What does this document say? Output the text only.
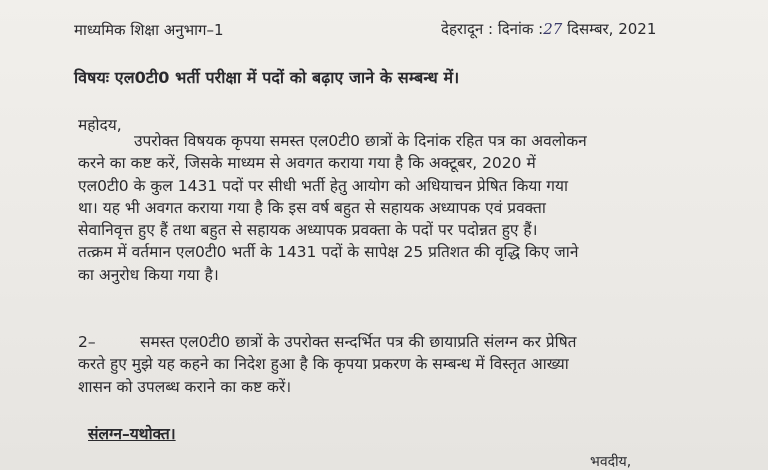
माध्यमिक शिक्षा अनुभाग–1	देहरादून : दिनांक :27 दिसम्बर, 2021
विषयः एल0टी0 भर्ती परीक्षा में पदों को बढ़ाए जाने के सम्बन्ध में।
महोदय,
उपरोक्त विषयक कृपया समस्त एल0टी0 छात्रों के दिनांक रहित पत्र का अवलोकन
करने का कष्ट करें, जिसके माध्यम से अवगत कराया गया है कि अक्टूबर, 2020 में
एल0टी0 के कुल 1431 पदों पर सीधी भर्ती हेतु आयोग को अधियाचन प्रेषित किया गया
था। यह भी अवगत कराया गया है कि इस वर्ष बहुत से सहायक अध्यापक एवं प्रवक्ता
सेवानिवृत्त हुए हैं तथा बहुत से सहायक अध्यापक प्रवक्ता के पदों पर पदोन्नत हुए हैं।
तत्क्रम में वर्तमान एल0टी0 भर्ती के 1431 पदों के सापेक्ष 25 प्रतिशत की वृद्धि किए जाने
का अनुरोध किया गया है।
2–	समस्त एल0टी0 छात्रों के उपरोक्त सन्दर्भित पत्र की छायाप्रति संलग्न कर प्रेषित
करते हुए मुझे यह कहने का निदेश हुआ है कि कृपया प्रकरण के सम्बन्ध में विस्तृत आख्या
शासन को उपलब्ध कराने का कष्ट करें।
संलग्न–यथोक्त।
भवदीय,
